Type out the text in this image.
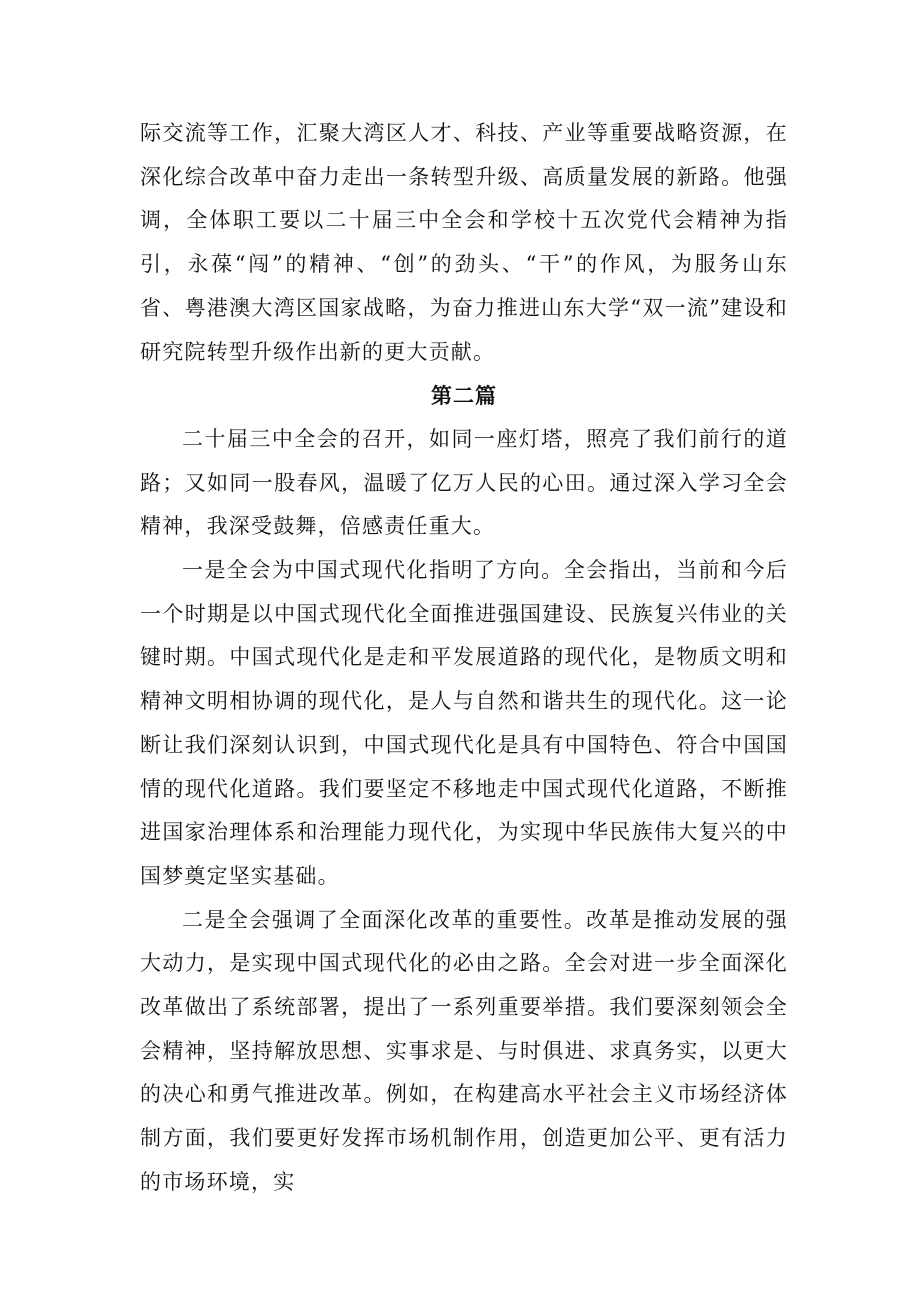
际交流等工作，汇聚大湾区人才、科技、产业等重要战略资源，在深化综合改革中奋力走出一条转型升级、高质量发展的新路。他强调，全体职工要以二十届三中全会和学校十五次党代会精神为指引，永葆“闯”的精神、“创”的劲头、“干”的作风，为服务山东省、粤港澳大湾区国家战略，为奋力推进山东大学“双一流”建设和研究院转型升级作出新的更大贡献。

第二篇

二十届三中全会的召开，如同一座灯塔，照亮了我们前行的道路；又如同一股春风，温暖了亿万人民的心田。通过深入学习全会精神，我深受鼓舞，倍感责任重大。

一是全会为中国式现代化指明了方向。全会指出，当前和今后一个时期是以中国式现代化全面推进强国建设、民族复兴伟业的关键时期。中国式现代化是走和平发展道路的现代化，是物质文明和精神文明相协调的现代化，是人与自然和谐共生的现代化。这一论断让我们深刻认识到，中国式现代化是具有中国特色、符合中国国情的现代化道路。我们要坚定不移地走中国式现代化道路，不断推进国家治理体系和治理能力现代化，为实现中华民族伟大复兴的中国梦奠定坚实基础。

二是全会强调了全面深化改革的重要性。改革是推动发展的强大动力，是实现中国式现代化的必由之路。全会对进一步全面深化改革做出了系统部署，提出了一系列重要举措。我们要深刻领会全会精神，坚持解放思想、实事求是、与时俱进、求真务实，以更大的决心和勇气推进改革。例如，在构建高水平社会主义市场经济体制方面，我们要更好发挥市场机制作用，创造更加公平、更有活力的市场环境，实
